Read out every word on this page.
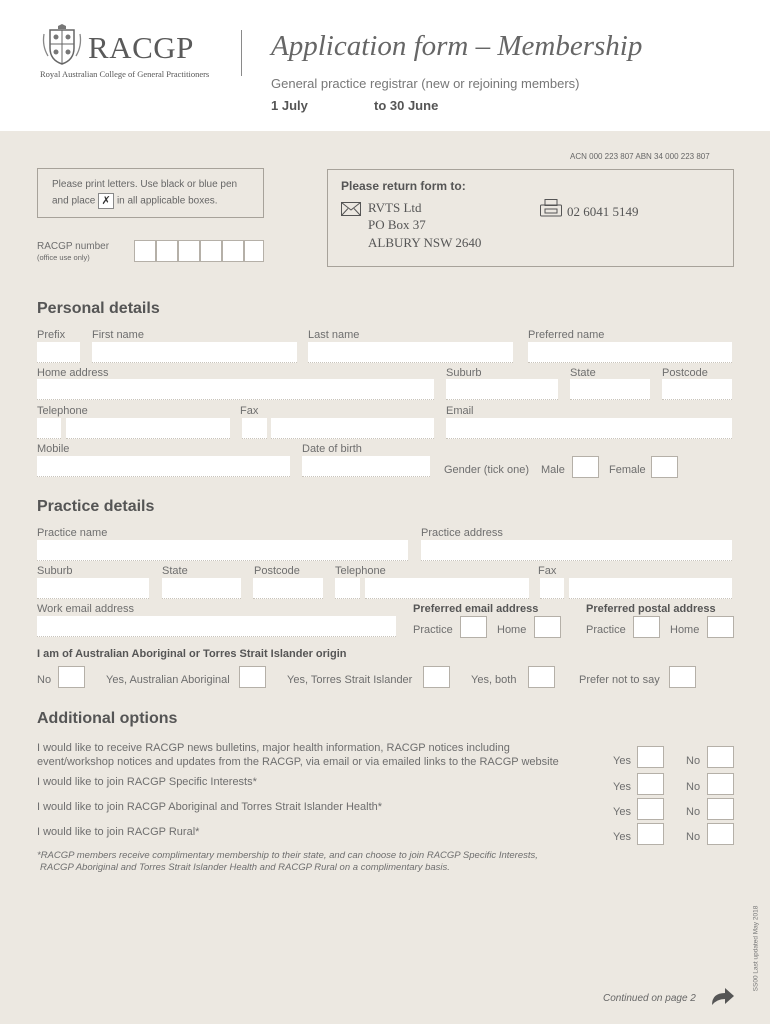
RACGP
Royal Australian College of General Practitioners
Application form – Membership
General practice registrar (new or rejoining members)
1 July	to 30 June
ACN 000 223 807 ABN 34 000 223 807
Please print letters. Use black or blue pen
and place ✗ in all applicable boxes.
RACGP number
(office use only)
Please return form to:
RVTS Ltd
PO Box 37
ALBURY NSW 2640
02 6041 5149
Personal details
Prefix First name	Last name	Preferred name
Home address	Suburb	State	Postcode
Telephone	Fax	Email
Mobile	Date of birth
Gender (tick one) Male	Female
Practice details
Practice name	Practice address
Suburb	State	Postcode	Telephone	Fax
Work email address	Preferred email address	Preferred postal address
Practice	Home	Practice	Home
I am of Australian Aboriginal or Torres Strait Islander origin
No	Yes, Australian Aboriginal	Yes, Torres Strait Islander	Yes, both	Prefer not to say
Additional options
I would like to receive RACGP news bulletins, major health information, RACGP notices including
event/workshop notices and updates from the RACGP, via email or via emailed links to the RACGP website	Yes	No
I would like to join RACGP Specific Interests*	Yes	No
I would like to join RACGP Aboriginal and Torres Strait Islander Health*	Yes	No
I would like to join RACGP Rural*	Yes	No
*RACGP members receive complimentary membership to their state, and can choose to join RACGP Specific Interests,
RACGP Aboriginal and Torres Strait Islander Health and RACGP Rural on a complimentary basis.
SS00 Last updated May 2018
Continued on page 2
